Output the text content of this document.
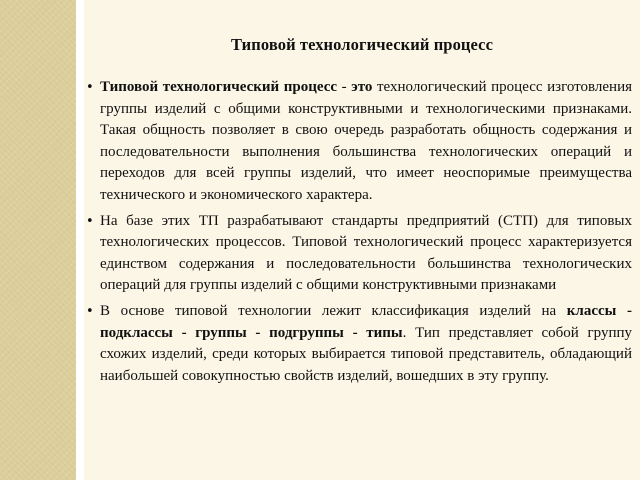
Типовой технологический процесс
• Типовой технологический процесс - это технологический процесс изготовления группы изделий с общими конструктивными и технологическими признаками. Такая общность позволяет в свою очередь разработать общность содержания и последовательности выполнения большинства технологических операций и переходов для всей группы изделий, что имеет неоспоримые преимущества технического и экономического характера.
• На базе этих ТП разрабатывают стандарты предприятий (СТП) для типовых технологических процессов. Типовой технологический процесс характеризуется единством содержания и последовательности большинства технологических операций для группы изделий с общими конструктивными признаками
• В основе типовой технологии лежит классификация изделий на классы - подклассы - группы - подгруппы - типы. Тип представляет собой группу схожих изделий, среди которых выбирается типовой представитель, обладающий наибольшей совокупностью свойств изделий, вошедших в эту группу.
